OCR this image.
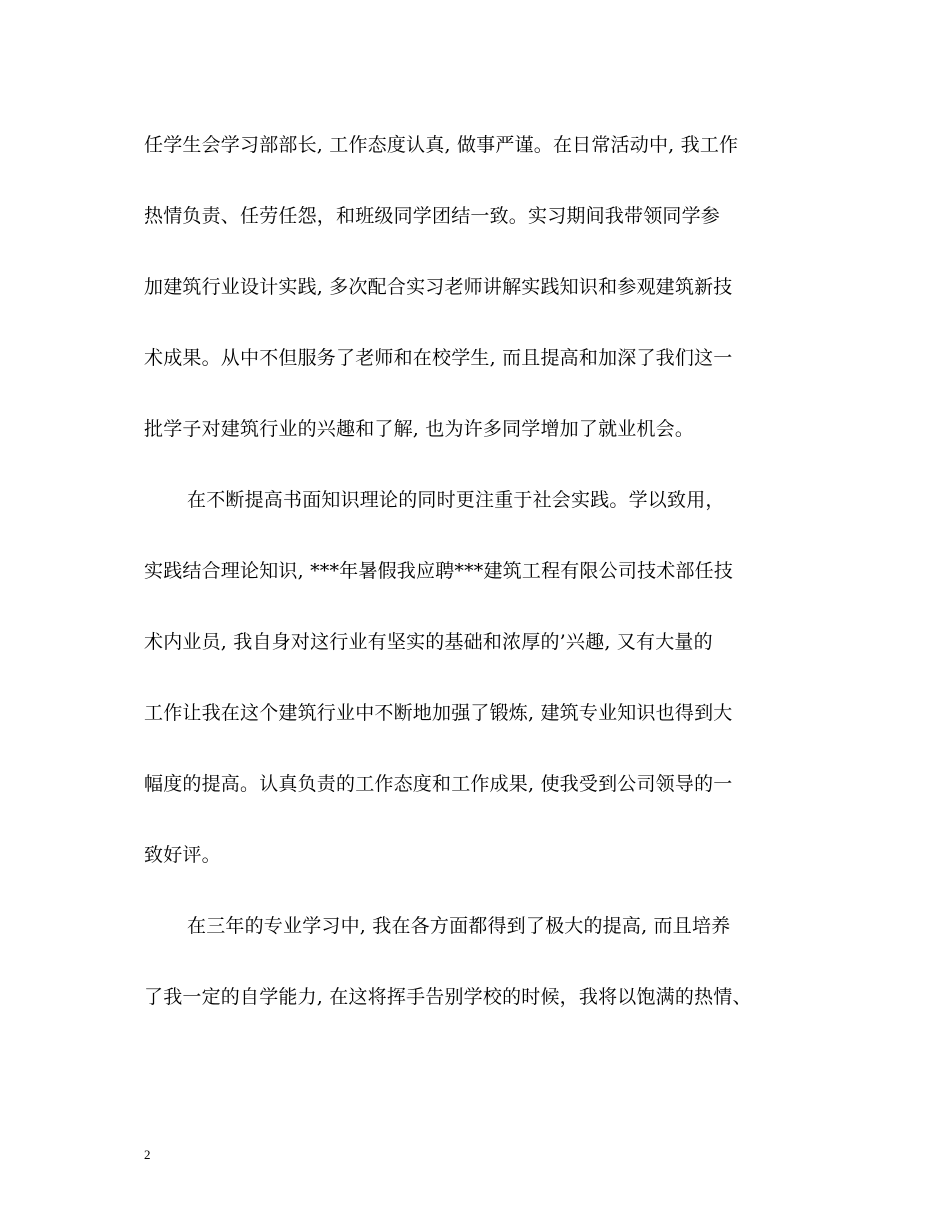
任学生会学习部部长, 工作态度认真, 做事严谨。在日常活动中, 我工作
热情负责、任劳任怨，和班级同学团结一致。实习期间我带领同学参
加建筑行业设计实践, 多次配合实习老师讲解实践知识和参观建筑新技
术成果。从中不但服务了老师和在校学生, 而且提高和加深了我们这一
批学子对建筑行业的兴趣和了解, 也为许多同学增加了就业机会。
在不断提高书面知识理论的同时更注重于社会实践。学以致用，
实践结合理论知识, ***年暑假我应聘***建筑工程有限公司技术部任技
术内业员, 我自身对这行业有坚实的基础和浓厚的’兴趣, 又有大量的
工作让我在这个建筑行业中不断地加强了锻炼, 建筑专业知识也得到大
幅度的提高。认真负责的工作态度和工作成果, 使我受到公司领导的一
致好评。
在三年的专业学习中, 我在各方面都得到了极大的提高, 而且培养
了我一定的自学能力, 在这将挥手告别学校的时候，我将以饱满的热情、
2
